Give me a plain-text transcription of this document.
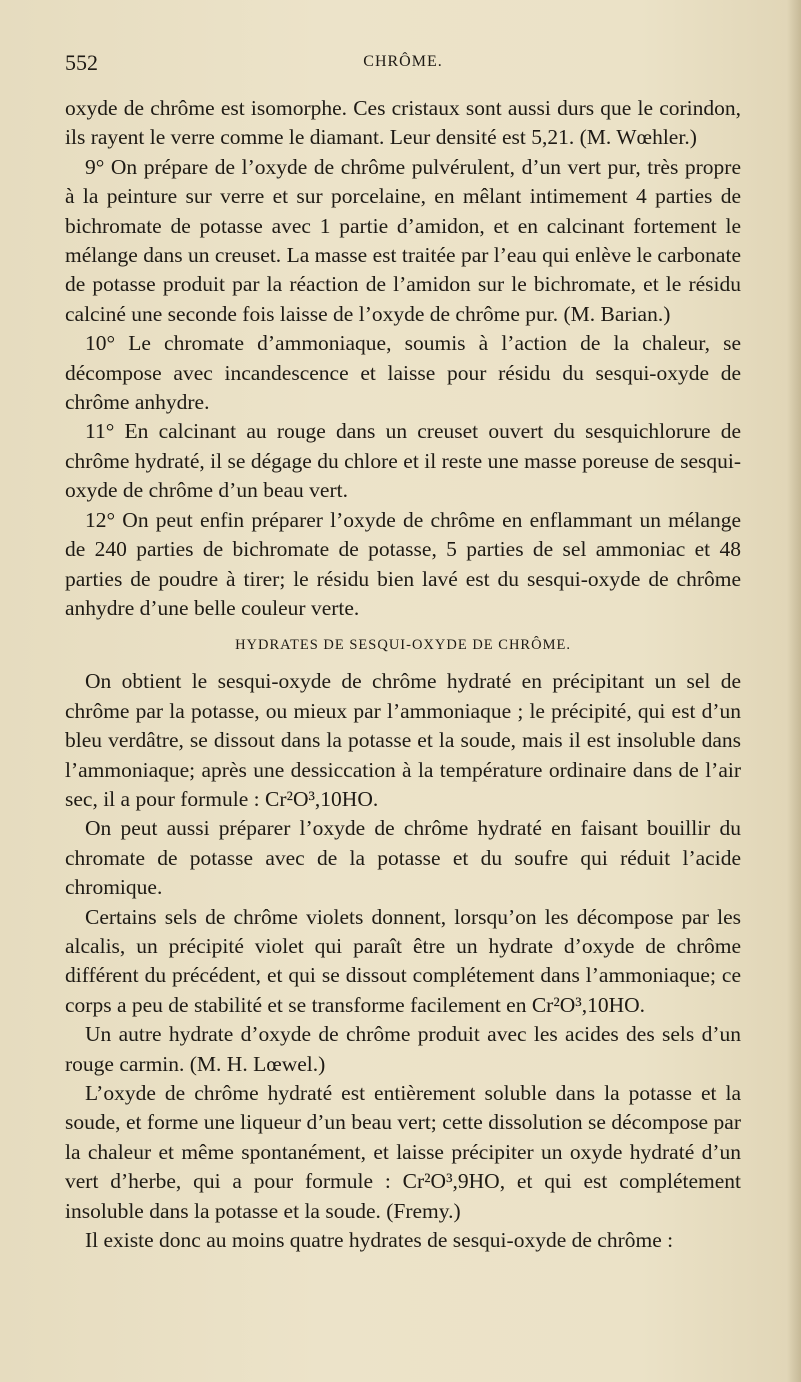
552	CHRÔME.

oxyde de chrôme est isomorphe. Ces cristaux sont aussi durs que le corindon, ils rayent le verre comme le diamant. Leur densité est 5,21. (M. Wœhler.)

9° On prépare de l’oxyde de chrôme pulvérulent, d’un vert pur, très propre à la peinture sur verre et sur porcelaine, en mêlant intimement 4 parties de bichromate de potasse avec 1 partie d’amidon, et en calcinant fortement le mélange dans un creuset. La masse est traitée par l’eau qui enlève le carbonate de potasse produit par la réaction de l’amidon sur le bichromate, et le résidu calciné une seconde fois laisse de l’oxyde de chrôme pur. (M. Barian.)

10° Le chromate d’ammoniaque, soumis à l’action de la chaleur, se décompose avec incandescence et laisse pour résidu du sesqui-oxyde de chrôme anhydre.

11° En calcinant au rouge dans un creuset ouvert du sesquichlorure de chrôme hydraté, il se dégage du chlore et il reste une masse poreuse de sesqui-oxyde de chrôme d’un beau vert.

12° On peut enfin préparer l’oxyde de chrôme en enflammant un mélange de 240 parties de bichromate de potasse, 5 parties de sel ammoniac et 48 parties de poudre à tirer; le résidu bien lavé est du sesqui-oxyde de chrôme anhydre d’une belle couleur verte.

HYDRATES DE SESQUI-OXYDE DE CHRÔME.

On obtient le sesqui-oxyde de chrôme hydraté en précipitant un sel de chrôme par la potasse, ou mieux par l’ammoniaque ; le précipité, qui est d’un bleu verdâtre, se dissout dans la potasse et la soude, mais il est insoluble dans l’ammoniaque; après une dessiccation à la température ordinaire dans de l’air sec, il a pour formule : Cr²O³,10HO.

On peut aussi préparer l’oxyde de chrôme hydraté en faisant bouillir du chromate de potasse avec de la potasse et du soufre qui réduit l’acide chromique.

Certains sels de chrôme violets donnent, lorsqu’on les décompose par les alcalis, un précipité violet qui paraît être un hydrate d’oxyde de chrôme différent du précédent, et qui se dissout complétement dans l’ammoniaque; ce corps a peu de stabilité et se transforme facilement en Cr²O³,10HO.

Un autre hydrate d’oxyde de chrôme produit avec les acides des sels d’un rouge carmin. (M. H. Lœwel.)

L’oxyde de chrôme hydraté est entièrement soluble dans la potasse et la soude, et forme une liqueur d’un beau vert; cette dissolution se décompose par la chaleur et même spontanément, et laisse précipiter un oxyde hydraté d’un vert d’herbe, qui a pour formule : Cr²O³,9HO, et qui est complétement insoluble dans la potasse et la soude. (Fremy.)

Il existe donc au moins quatre hydrates de sesqui-oxyde de chrôme :
